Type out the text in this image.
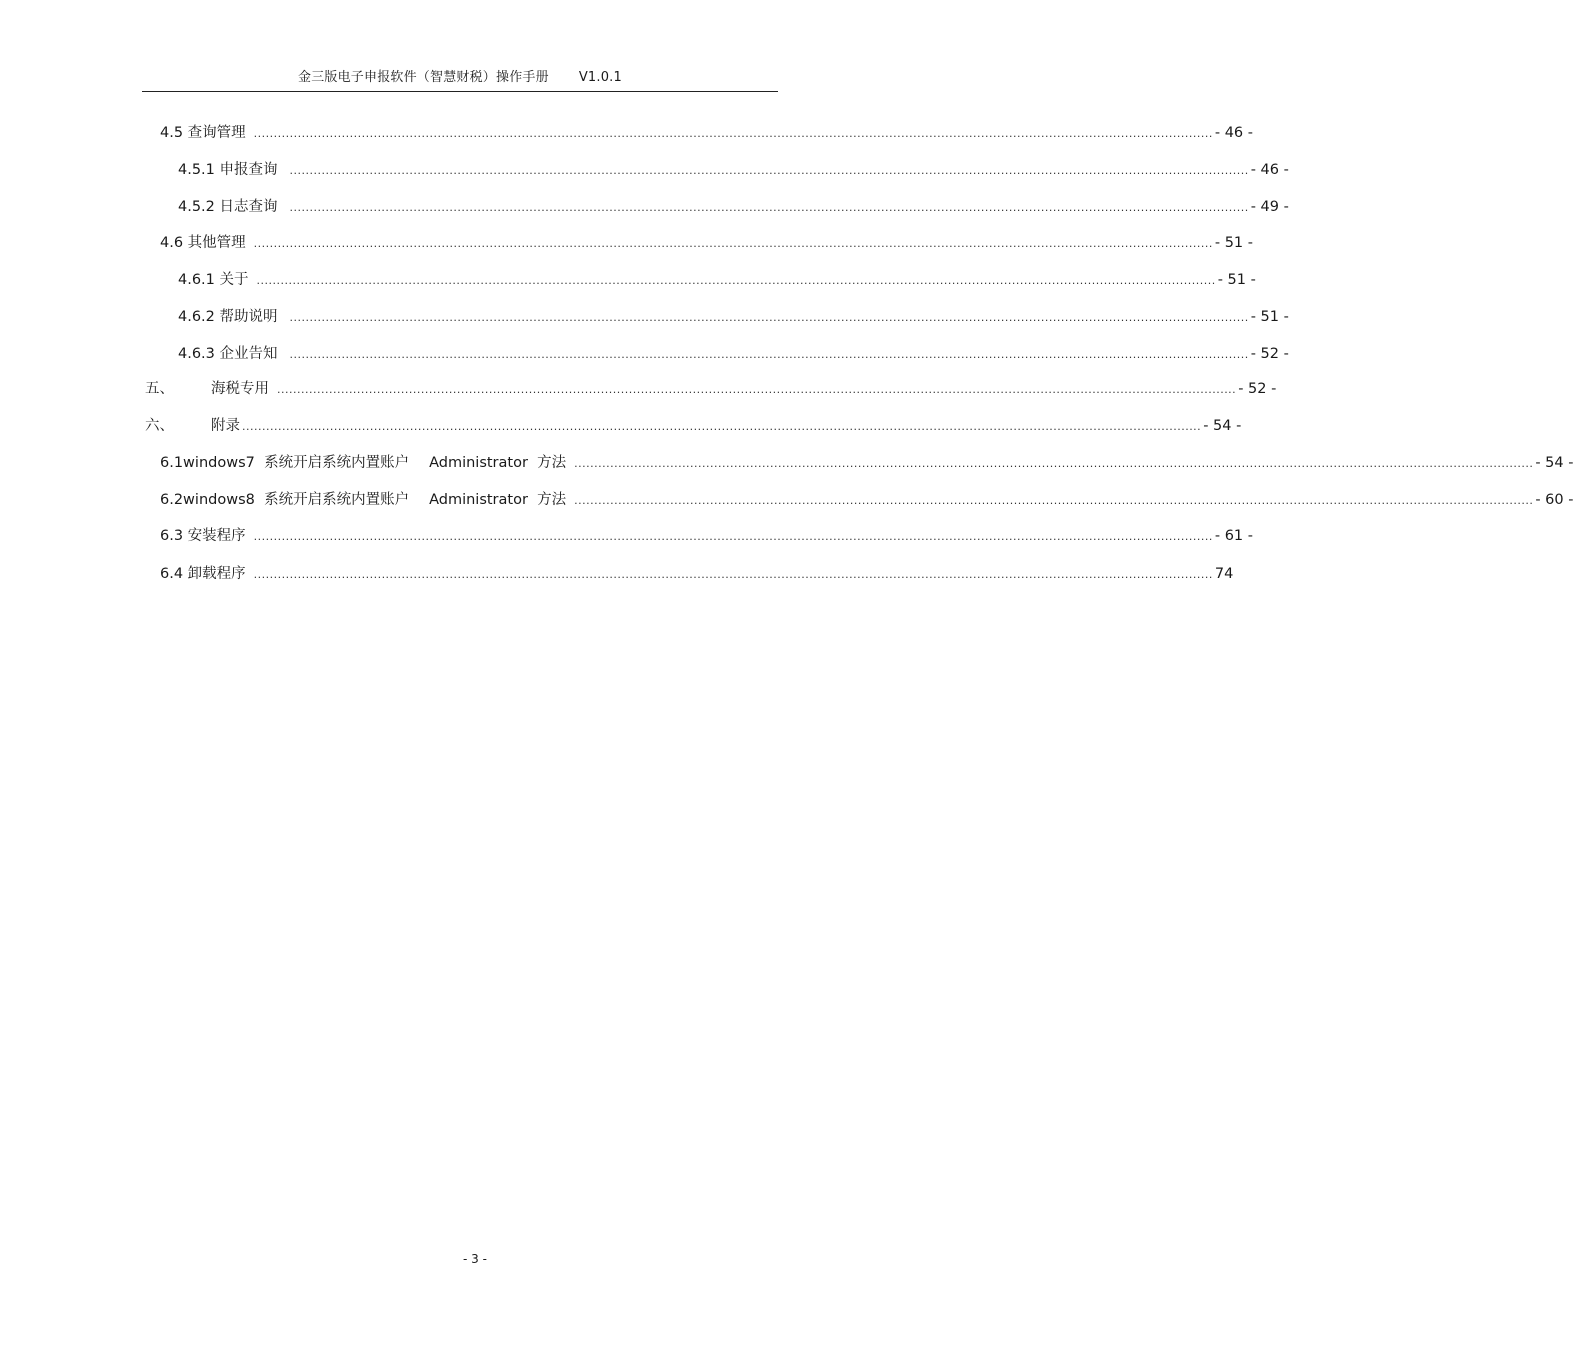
金三版电子申报软件（智慧财税）操作手册 V1.0.1
4.5 查询管理 ................................................................................................................................................................................................................................................ - 46 -
4.5.1 申报查询	................................................................................................................................................................................................................................................ - 46 -
4.5.2 日志查询	................................................................................................................................................................................................................................................ - 49 -
4.6 其他管理 ................................................................................................................................................................................................................................................ - 51 -
4.6.1 关于 ................................................................................................................................................................................................................................................ - 51 -
4.6.2 帮助说明	................................................................................................................................................................................................................................................ - 51 -
4.6.3 企业告知	................................................................................................................................................................................................................................................ - 52 -
五、	海税专用 ................................................................................................................................................................................................................................................ - 52 -
六、	附录 ................................................................................................................................................................................................................................................ - 54 -
6.1windows7  系统开启系统内置账户	Administrator  方法 ................................................................................................................................................................................................................................................ - 54 -
6.2windows8  系统开启系统内置账户	Administrator  方法 ................................................................................................................................................................................................................................................ - 60 -
6.3 安装程序 ................................................................................................................................................................................................................................................ - 61 -
6.4 卸载程序 ................................................................................................................................................................................................................................................ 74
- 3 -
